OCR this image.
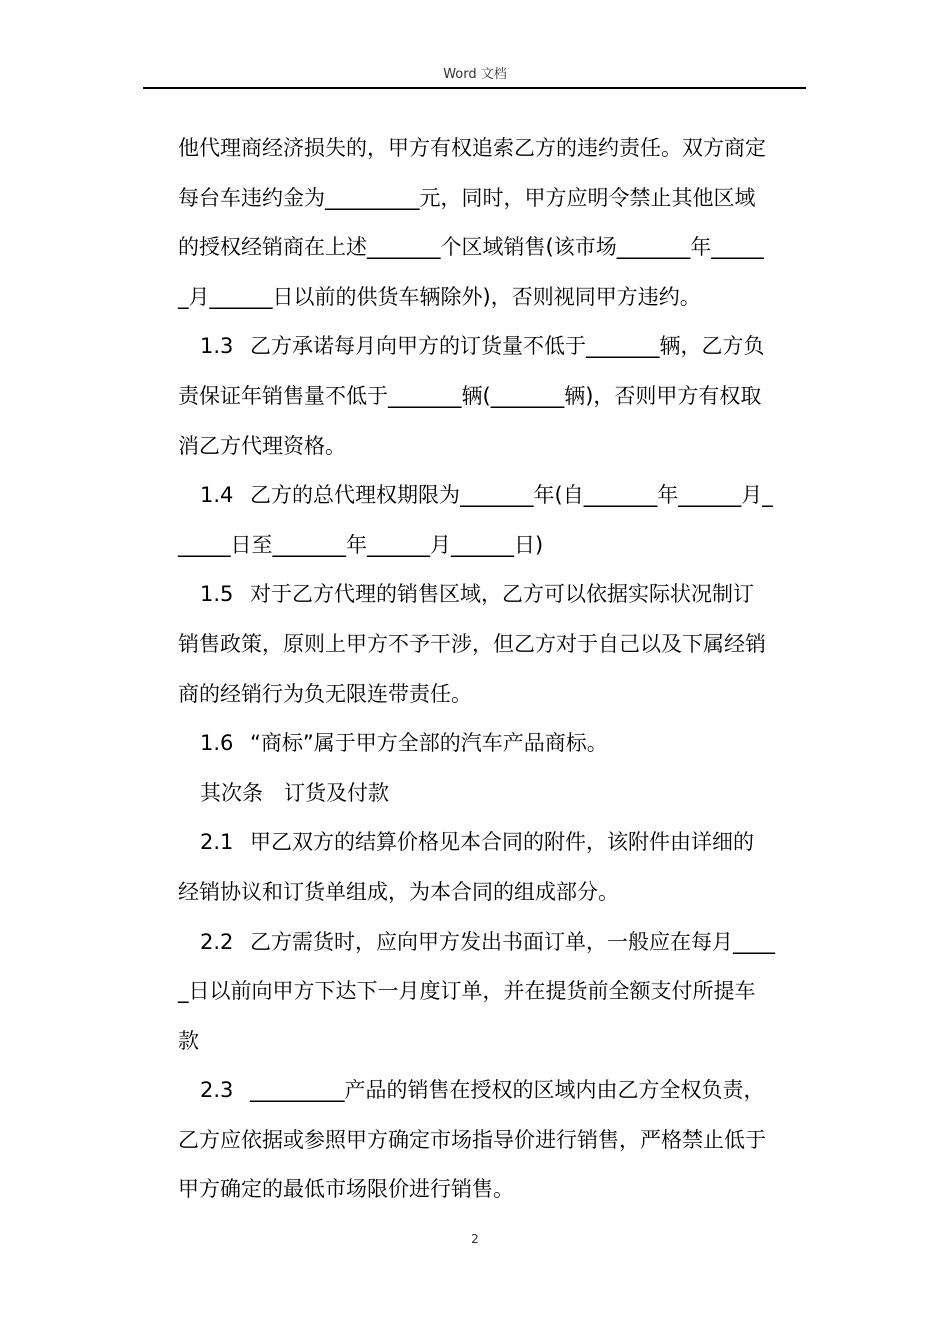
Word 文档

他代理商经济损失的，甲方有权追索乙方的违约责任。双方商定

每台车违约金为_________元，同时，甲方应明令禁止其他区域

的授权经销商在上述_______个区域销售(该市场_______年_____

_月______日以前的供货车辆除外)，否则视同甲方违约。

1.3 乙方承诺每月向甲方的订货量不低于_______辆，乙方负

责保证年销售量不低于_______辆(_______辆)，否则甲方有权取

消乙方代理资格。

1.4 乙方的总代理权期限为_______年(自_______年______月_

_____日至_______年______月______日)

1.5 对于乙方代理的销售区域，乙方可以依据实际状况制订

销售政策，原则上甲方不予干涉，但乙方对于自己以及下属经销

商的经销行为负无限连带责任。

1.6 “商标”属于甲方全部的汽车产品商标。

其次条　订货及付款

2.1 甲乙双方的结算价格见本合同的附件，该附件由详细的

经销协议和订货单组成，为本合同的组成部分。

2.2 乙方需货时，应向甲方发出书面订单，一般应在每月____

_日以前向甲方下达下一月度订单，并在提货前全额支付所提车

款

2.3 _________产品的销售在授权的区域内由乙方全权负责，

乙方应依据或参照甲方确定市场指导价进行销售，严格禁止低于

甲方确定的最低市场限价进行销售。

2
